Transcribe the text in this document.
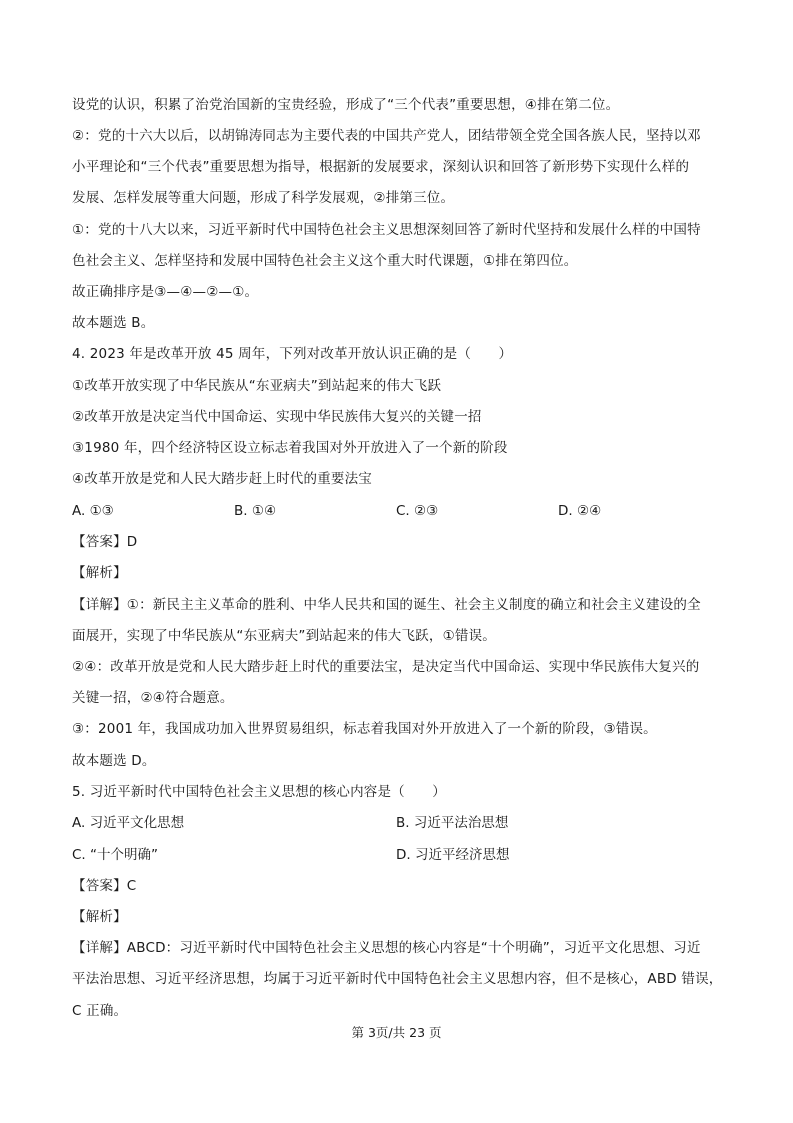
设党的认识，积累了治党治国新的宝贵经验，形成了“三个代表”重要思想，④排在第二位。
②：党的十六大以后，以胡锦涛同志为主要代表的中国共产党人，团结带领全党全国各族人民，坚持以邓
小平理论和“三个代表”重要思想为指导，根据新的发展要求，深刻认识和回答了新形势下实现什么样的
发展、怎样发展等重大问题，形成了科学发展观，②排第三位。
①：党的十八大以来，习近平新时代中国特色社会主义思想深刻回答了新时代坚持和发展什么样的中国特
色社会主义、怎样坚持和发展中国特色社会主义这个重大时代课题，①排在第四位。
故正确排序是③—④—②—①。
故本题选 B。
4. 2023 年是改革开放 45 周年，下列对改革开放认识正确的是（　　）
①改革开放实现了中华民族从“东亚病夫”到站起来的伟大飞跃
②改革开放是决定当代中国命运、实现中华民族伟大复兴的关键一招
③1980 年，四个经济特区设立标志着我国对外开放进入了一个新的阶段
④改革开放是党和人民大踏步赶上时代的重要法宝
A. ①③	B. ①④	C. ②③	D. ②④
【答案】D
【解析】
【详解】①：新民主主义革命的胜利、中华人民共和国的诞生、社会主义制度的确立和社会主义建设的全
面展开，实现了中华民族从“东亚病夫”到站起来的伟大飞跃，①错误。
②④：改革开放是党和人民大踏步赶上时代的重要法宝，是决定当代中国命运、实现中华民族伟大复兴的
关键一招，②④符合题意。
③：2001 年，我国成功加入世界贸易组织，标志着我国对外开放进入了一个新的阶段，③错误。
故本题选 D。
5. 习近平新时代中国特色社会主义思想的核心内容是（　　）
A. 习近平文化思想	B. 习近平法治思想
C. “十个明确”	D. 习近平经济思想
【答案】C
【解析】
【详解】ABCD：习近平新时代中国特色社会主义思想的核心内容是“十个明确”，习近平文化思想、习近
平法治思想、习近平经济思想，均属于习近平新时代中国特色社会主义思想内容，但不是核心，ABD 错误，
C 正确。
第 3页/共 23 页
